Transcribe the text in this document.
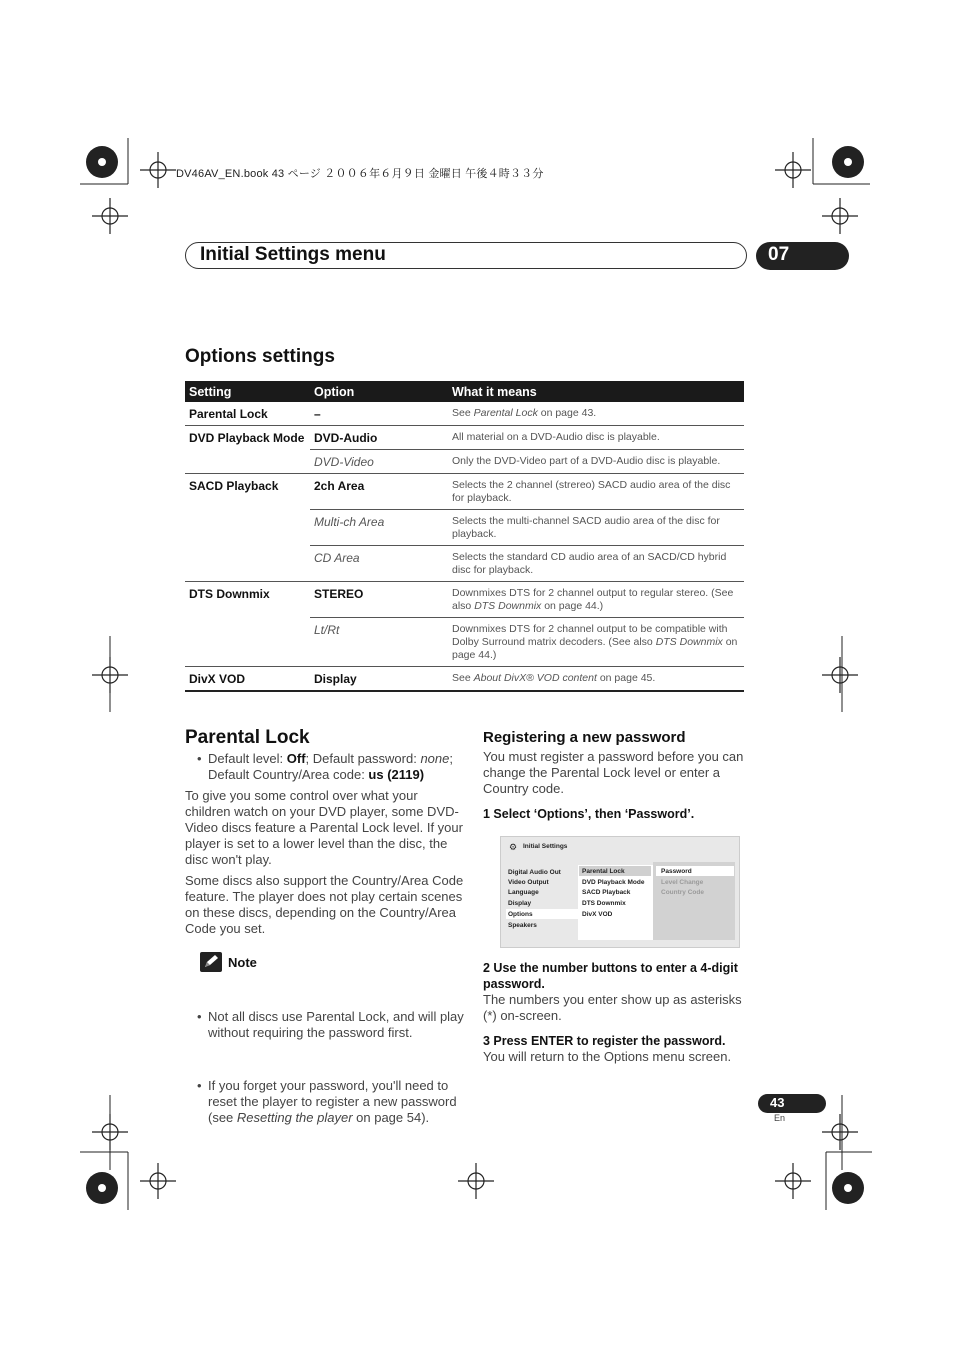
DV46AV_EN.book 43 ページ ２００６年６月９日 金曜日 午後４時３３分
Initial Settings menu	07
Options settings
Setting	Option	What it means
Parental Lock	–	See Parental Lock on page 43.
DVD Playback Mode	DVD-Audio	All material on a DVD-Audio disc is playable.
	DVD-Video	Only the DVD-Video part of a DVD-Audio disc is playable.
SACD Playback	2ch Area	Selects the 2 channel (strereo) SACD audio area of the disc for playback.
	Multi-ch Area	Selects the multi-channel SACD audio area of the disc for playback.
	CD Area	Selects the standard CD audio area of an SACD/CD hybrid disc for playback.
DTS Downmix	STEREO	Downmixes DTS for 2 channel output to regular stereo. (See also DTS Downmix on page 44.)
	Lt/Rt	Downmixes DTS for 2 channel output to be compatible with Dolby Surround matrix decoders. (See also DTS Downmix on page 44.)
DivX VOD	Display	See About DivX® VOD content on page 45.
Parental Lock
• Default level: Off; Default password: none; Default Country/Area code: us (2119)
To give you some control over what your children watch on your DVD player, some DVD-Video discs feature a Parental Lock level. If your player is set to a lower level than the disc, the disc won't play.
Some discs also support the Country/Area Code feature. The player does not play certain scenes on these discs, depending on the Country/Area Code you set.
Note
• Not all discs use Parental Lock, and will play without requiring the password first.
• If you forget your password, you'll need to reset the player to register a new password (see Resetting the player on page 54).
Registering a new password
You must register a password before you can change the Parental Lock level or enter a Country code.
1 Select ‘Options’, then ‘Password’.
⚙ Initial Settings
Digital Audio Out
Video Output
Language
Display
Options
Speakers
Parental Lock
DVD Playback Mode
SACD Playback
DTS Downmix
DivX VOD
Password
Level Change
Country Code
2 Use the number buttons to enter a 4-digit password.
The numbers you enter show up as asterisks (*) on-screen.
3 Press ENTER to register the password.
You will return to the Options menu screen.
43
En
